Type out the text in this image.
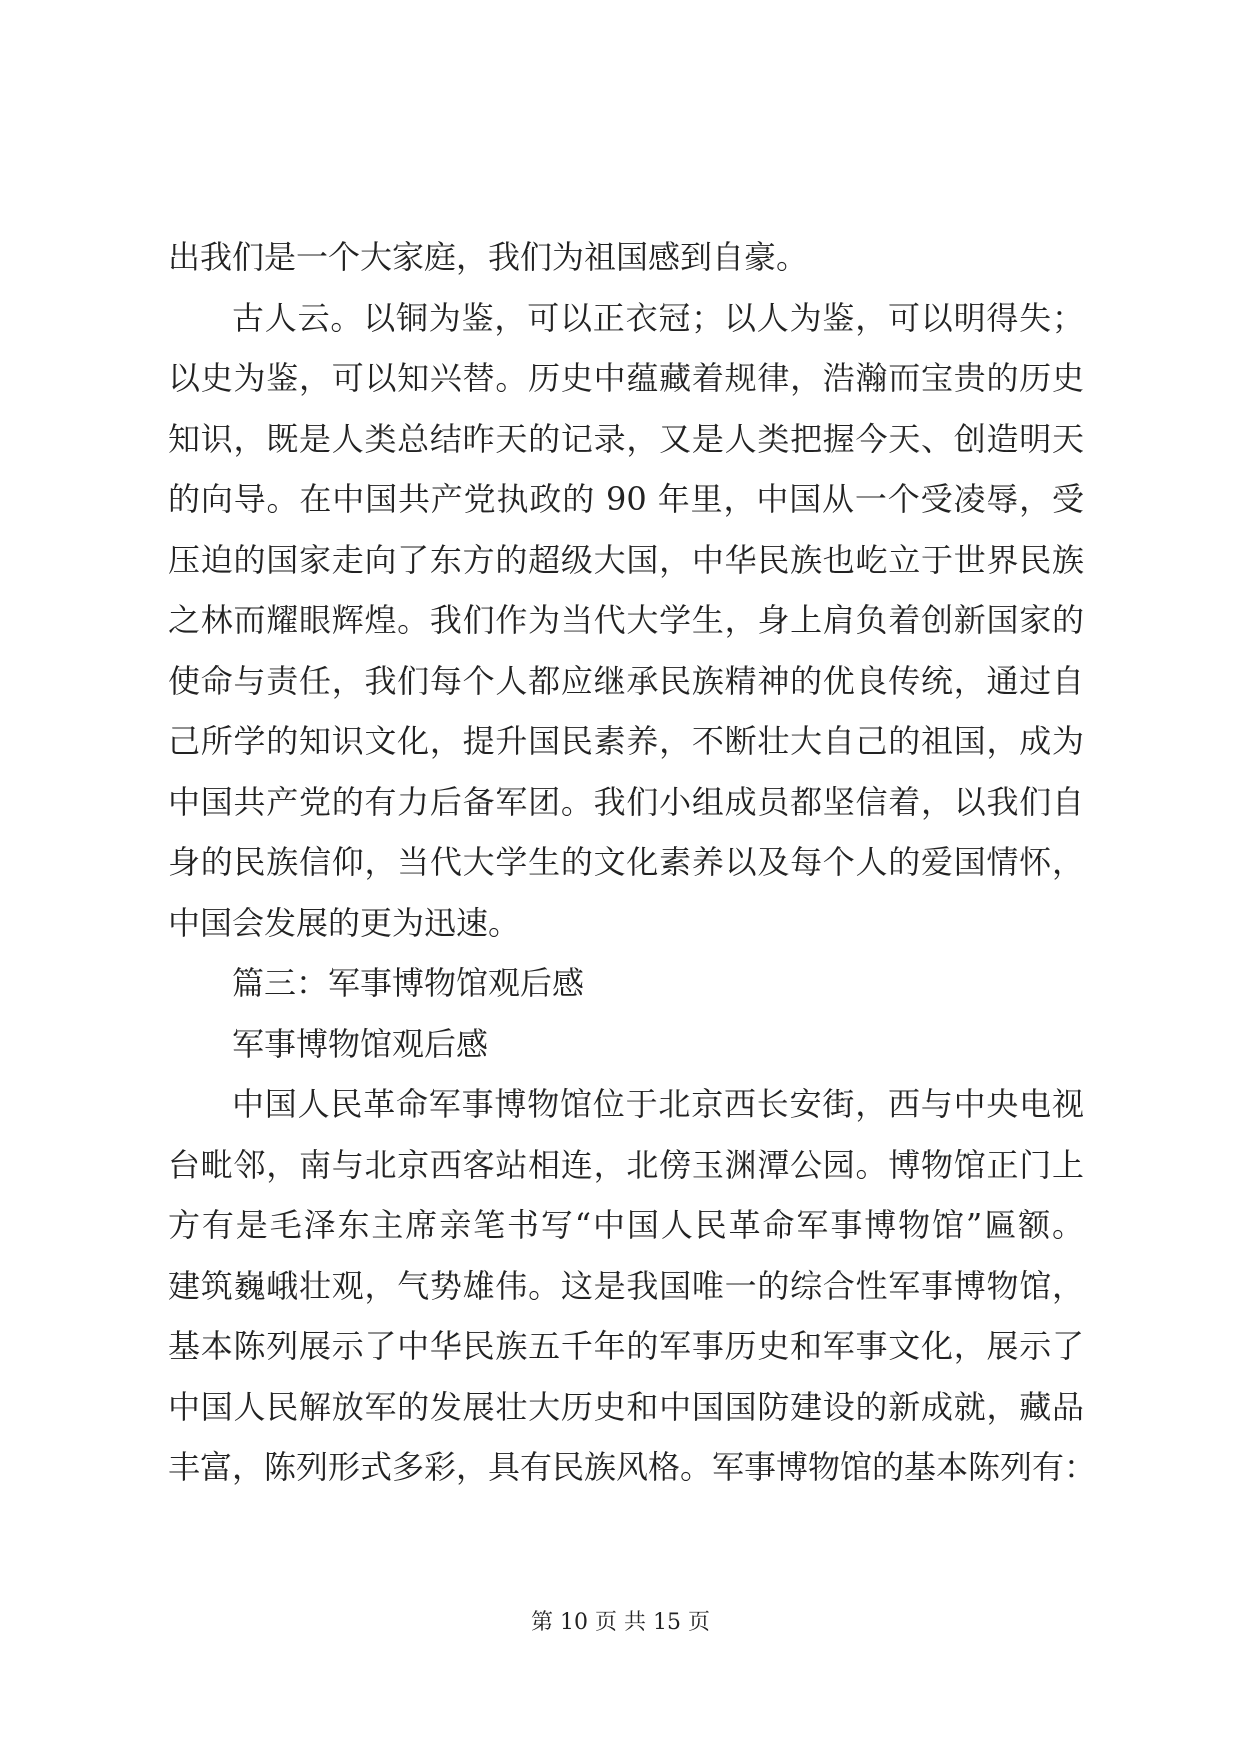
出我们是一个大家庭，我们为祖国感到自豪。
古人云。以铜为鉴，可以正衣冠；以人为鉴，可以明得失；
以史为鉴，可以知兴替。历史中蕴藏着规律，浩瀚而宝贵的历史
知识，既是人类总结昨天的记录，又是人类把握今天、创造明天
的向导。在中国共产党执政的 90 年里，中国从一个受凌辱，受
压迫的国家走向了东方的超级大国，中华民族也屹立于世界民族
之林而耀眼辉煌。我们作为当代大学生，身上肩负着创新国家的
使命与责任，我们每个人都应继承民族精神的优良传统，通过自
己所学的知识文化，提升国民素养，不断壮大自己的祖国，成为
中国共产党的有力后备军团。我们小组成员都坚信着，以我们自
身的民族信仰，当代大学生的文化素养以及每个人的爱国情怀，
中国会发展的更为迅速。
篇三：军事博物馆观后感
军事博物馆观后感
中国人民革命军事博物馆位于北京西长安街，西与中央电视
台毗邻，南与北京西客站相连，北傍玉渊潭公园。博物馆正门上
方有是毛泽东主席亲笔书写“中国人民革命军事博物馆”匾额。
建筑巍峨壮观，气势雄伟。这是我国唯一的综合性军事博物馆，
基本陈列展示了中华民族五千年的军事历史和军事文化，展示了
中国人民解放军的发展壮大历史和中国国防建设的新成就，藏品
丰富，陈列形式多彩，具有民族风格。军事博物馆的基本陈列有：
第 10 页 共 15 页
